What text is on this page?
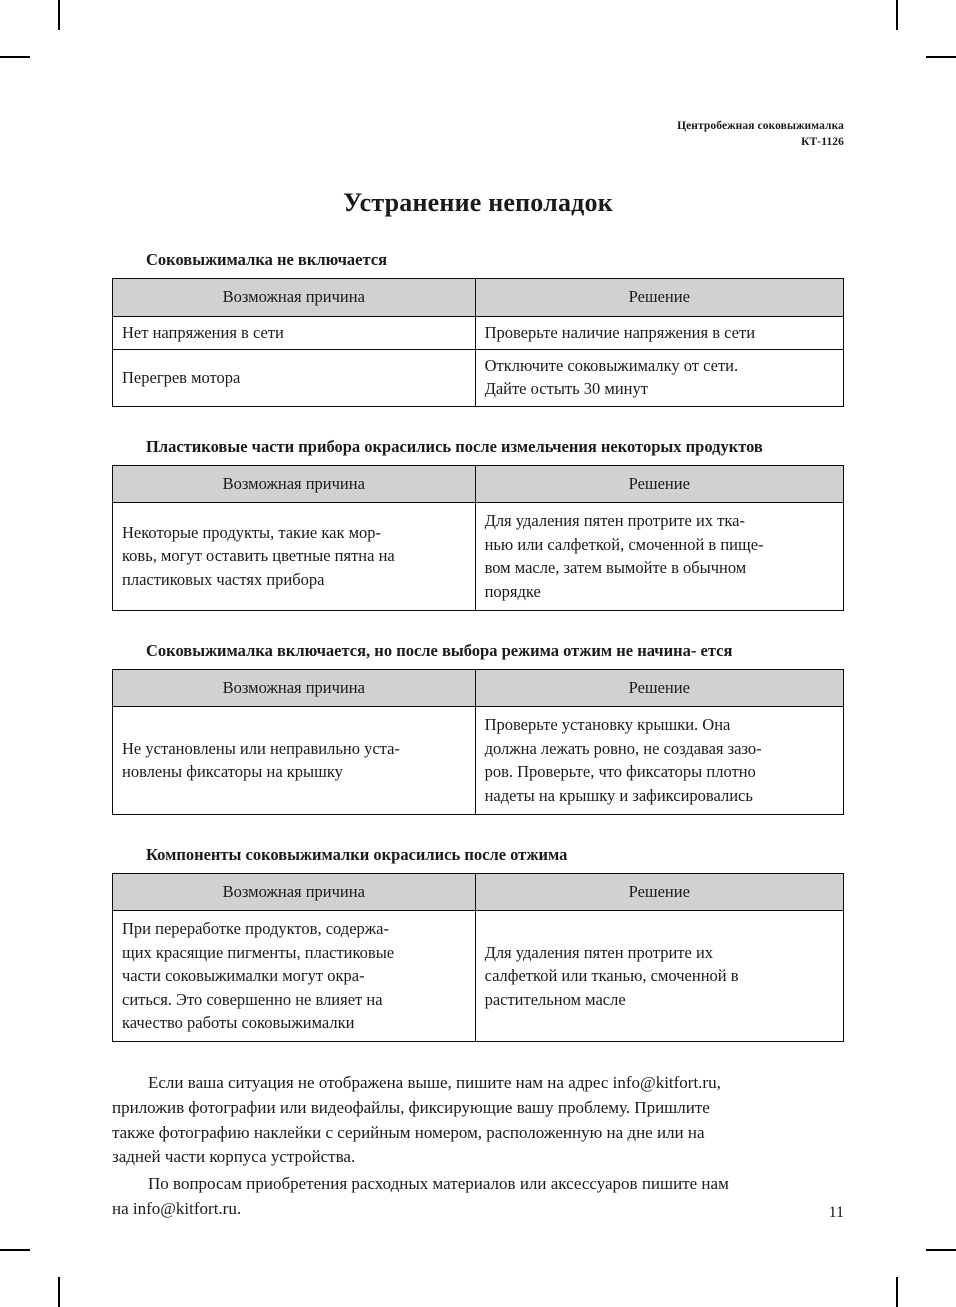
Центробежная соковыжималка
КТ-1126
Устранение неполадок
Соковыжималка не включается
Возможная причина	Решение

Нет напряжения в сети	Проверьте наличие напряжения в сети

Перегрев мотора	Отключите соковыжималку от сети.
Дайте остыть 30 минут
Пластиковые части прибора окрасились после измельчения некоторых продуктов
Возможная причина	Решение

Некоторые продукты, такие как мор-
ковь, могут оставить цветные пятна на
пластиковых частях прибора	Для удаления пятен протрите их тка-
нью или салфеткой, смоченной в пище-
вом масле, затем вымойте в обычном
порядке
Соковыжималка включается, но после выбора режима отжим не начина- ется
Возможная причина	Решение

Не установлены или неправильно уста-
новлены фиксаторы на крышку	Проверьте установку крышки. Она
должна лежать ровно, не создавая зазо-
ров. Проверьте, что фиксаторы плотно
надеты на крышку и зафиксировались
Компоненты соковыжималки окрасились после отжима
Возможная причина	Решение

При переработке продуктов, содержа-
щих красящие пигменты, пластиковые
части соковыжималки могут окра-
ситься. Это совершенно не влияет на
качество работы соковыжималки	Для удаления пятен протрите их
салфеткой или тканью, смоченной в
растительном масле
Если ваша ситуация не отображена выше, пишите нам на адрес info@kitfort.ru,
приложив фотографии или видеофайлы, фиксирующие вашу проблему. Пришлите
также фотографию наклейки с серийным номером, расположенную на дне или на
задней части корпуса устройства.
По вопросам приобретения расходных материалов или аксессуаров пишите нам
на info@kitfort.ru.	11
